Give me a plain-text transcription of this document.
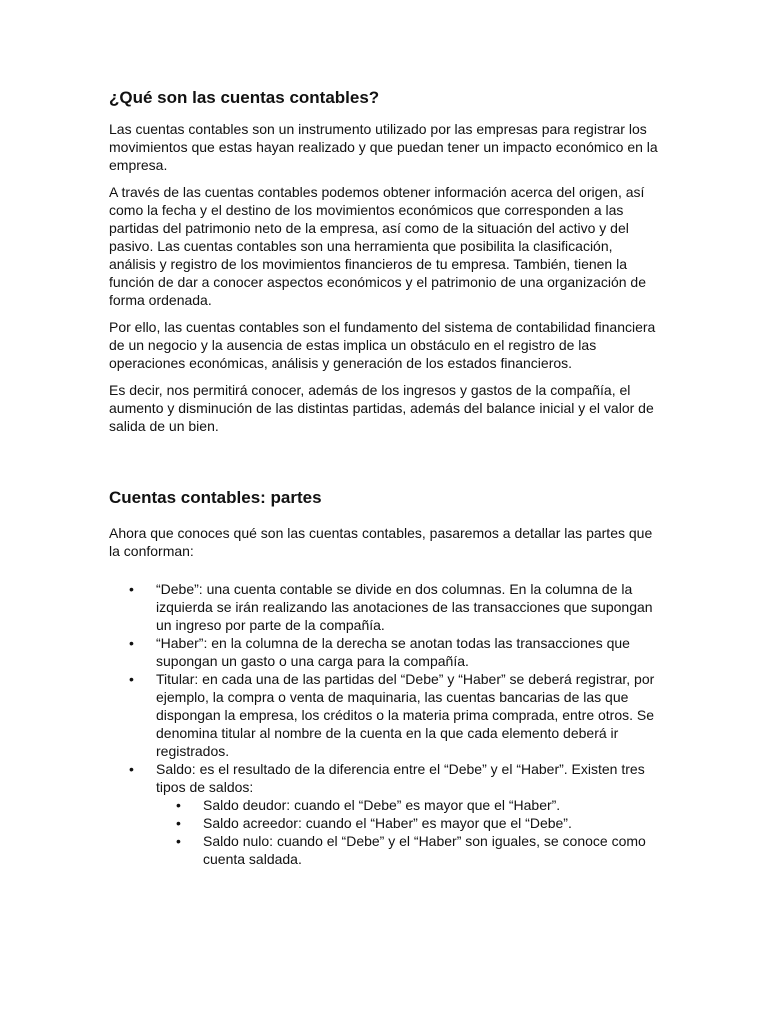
¿Qué son las cuentas contables?

Las cuentas contables son un instrumento utilizado por las empresas para registrar los movimientos que estas hayan realizado y que puedan tener un impacto económico en la empresa.

A través de las cuentas contables podemos obtener información acerca del origen, así como la fecha y el destino de los movimientos económicos que corresponden a las partidas del patrimonio neto de la empresa, así como de la situación del activo y del pasivo. Las cuentas contables son una herramienta que posibilita la clasificación, análisis y registro de los movimientos financieros de tu empresa. También, tienen la función de dar a conocer aspectos económicos y el patrimonio de una organización de forma ordenada.

Por ello, las cuentas contables son el fundamento del sistema de contabilidad financiera de un negocio y la ausencia de estas implica un obstáculo en el registro de las operaciones económicas, análisis y generación de los estados financieros.

Es decir, nos permitirá conocer, además de los ingresos y gastos de la compañía, el aumento y disminución de las distintas partidas, además del balance inicial y el valor de salida de un bien.

Cuentas contables: partes

Ahora que conoces qué son las cuentas contables, pasaremos a detallar las partes que la conforman:

• “Debe”: una cuenta contable se divide en dos columnas. En la columna de la izquierda se irán realizando las anotaciones de las transacciones que supongan un ingreso por parte de la compañía.
• “Haber”: en la columna de la derecha se anotan todas las transacciones que supongan un gasto o una carga para la compañía.
• Titular: en cada una de las partidas del “Debe” y “Haber” se deberá registrar, por ejemplo, la compra o venta de maquinaria, las cuentas bancarias de las que dispongan la empresa, los créditos o la materia prima comprada, entre otros. Se denomina titular al nombre de la cuenta en la que cada elemento deberá ir registrados.
• Saldo: es el resultado de la diferencia entre el “Debe” y el “Haber”. Existen tres tipos de saldos:
• Saldo deudor: cuando el “Debe” es mayor que el “Haber”.
• Saldo acreedor: cuando el “Haber” es mayor que el “Debe”.
• Saldo nulo: cuando el “Debe” y el “Haber” son iguales, se conoce como cuenta saldada.
